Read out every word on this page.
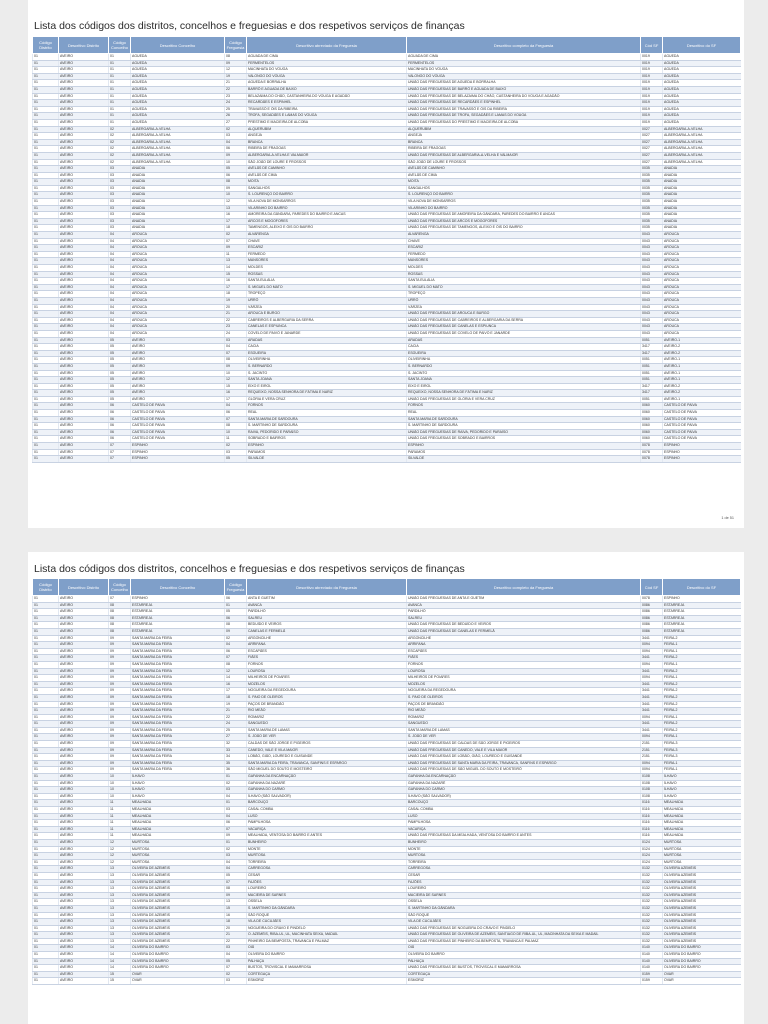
Lista dos códigos dos distritos, concelhos e freguesias e dos respetivos serviços de finanças
Código Distrito	Descritivo Distrito	Código Concelho	Descritivo Concelho	Código Freguesia	Descritivo abreviado da Freguesia	Descritivo completo da Freguesia	Cód SF	Descritivo do SF
01	AVEIRO	01	AGUEDA	08	AGUADA DE CIMA	AGUADA DE CIMA	0019	AGUEDA
01	AVEIRO	01	AGUEDA	09	FERMENTELOS	FERMENTELOS	0019	AGUEDA
01	AVEIRO	01	AGUEDA	12	MACINHATA DO VOUGA	MACINHATA DO VOUGA	0019	AGUEDA
01	AVEIRO	01	AGUEDA	19	VALONGO DO VOUGA	VALONGO DO VOUGA	0019	AGUEDA
01	AVEIRO	01	AGUEDA	21	AGUEDA E BORRALHA	UNIÃO DAS FREGUESIAS DE AGUEDA E BORRALHA	0019	AGUEDA
01	AVEIRO	01	AGUEDA	22	BARRÔ E AGUADA DE BAIXO	UNIÃO DAS FREGUESIAS DE BARRÔ E AGUADA DE BAIXO	0019	AGUEDA
01	AVEIRO	01	AGUEDA	23	BELAZAIMA DO CHÃO, CASTANHEIRA DO VOUGA E AGADÃO	UNIÃO DAS FREGUESIAS DE BELAZAIMA DO CHÃO, CASTANHEIRA DO VOUGA E AGADÃO	0019	AGUEDA
01	AVEIRO	01	AGUEDA	24	RECARDÃES E ESPINHEL	UNIÃO DAS FREGUESIAS DE RECARDÃES E ESPINHEL	0019	AGUEDA
01	AVEIRO	01	AGUEDA	25	TRAVASSÔ E ÓIS DA RIBEIRA	UNIÃO DAS FREGUESIAS DE TRAVASSÔ E ÓIS DA RIBEIRA	0019	AGUEDA
01	AVEIRO	01	AGUEDA	26	TROFA, SEGADÃES E LAMAS DO VOUGA	UNIÃO DAS FREGUESIAS DE TROFA, SEGADÃES E LAMAS DO VOUGA	0019	AGUEDA
01	AVEIRO	01	AGUEDA	27	PRESTIMO E MACIEIRA DE ALCOBA	UNIÃO DAS FREGUESIAS DO PRESTIMO E MACIEIRA DE ALCOBA	0019	AGUEDA
01	AVEIRO	02	ALBERGARIA-A-VELHA	02	ALQUERUBIM	ALQUERUBIM	0027	ALBERGARIA-A-VELHA
01	AVEIRO	02	ALBERGARIA-A-VELHA	03	ANGEJA	ANGEJA	0027	ALBERGARIA-A-VELHA
01	AVEIRO	02	ALBERGARIA-A-VELHA	04	BRANCA	BRANCA	0027	ALBERGARIA-A-VELHA
01	AVEIRO	02	ALBERGARIA-A-VELHA	06	RIBEIRA DE FRAGOAS	RIBEIRA DE FRAGOAS	0027	ALBERGARIA-A-VELHA
01	AVEIRO	02	ALBERGARIA-A-VELHA	09	ALBERGARIA-A-VELHA E VALMAIOR	UNIÃO DAS FREGUESIAS DE ALBERGARIA-A-VELHA E VALMAIOR	0027	ALBERGARIA-A-VELHA
01	AVEIRO	02	ALBERGARIA-A-VELHA	10	SÃO JOÃO DE LOURE E FROSSOS	SÃO JOÃO DE LOURE E FROSSOS	0027	ALBERGARIA-A-VELHA
01	AVEIRO	03	ANADIA	05	AVELÃS DE CAMINHO	AVELÃS DE CAMINHO	0035	ANADIA
01	AVEIRO	03	ANADIA	06	AVELÃS DE CIMA	AVELÃS DE CIMA	0035	ANADIA
01	AVEIRO	03	ANADIA	08	MOITA	MOITA	0035	ANADIA
01	AVEIRO	03	ANADIA	09	SANGALHOS	SANGALHOS	0035	ANADIA
01	AVEIRO	03	ANADIA	10	S. LOURENÇO DO BAIRRO	S. LOURENÇO DO BAIRRO	0035	ANADIA
01	AVEIRO	03	ANADIA	12	VILA NOVA DE MONSARROS	VILA NOVA DE MONSARROS	0035	ANADIA
01	AVEIRO	03	ANADIA	13	VILARINHO DO BAIRRO	VILARINHO DO BAIRRO	0035	ANADIA
01	AVEIRO	03	ANADIA	16	AMOREIRA DA GÂNDARA, PAREDES DO BAIRRO E ANCAS	UNIÃO DAS FREGUESIAS DE AMOREIRA DA GÂNDARA, PAREDES DO BAIRRO E ANCAS	0035	ANADIA
01	AVEIRO	03	ANADIA	17	ARCOS E MOGOFORES	UNIÃO DAS FREGUESIAS DE ARCOS E MOGOFORES	0035	ANADIA
01	AVEIRO	03	ANADIA	18	TAMENGOS, ALEIXO E ÓIS DO BAIRRO	UNIÃO DAS FREGUESIAS DE TAMENGOS, ALEIXO E ÓIS DO BAIRRO	0035	ANADIA
01	AVEIRO	04	AROUCA	02	ALVARENGA	ALVARENGA	0043	AROUCA
01	AVEIRO	04	AROUCA	07	CHAVE	CHAVE	0043	AROUCA
01	AVEIRO	04	AROUCA	09	ESCARIZ	ESCARIZ	0043	AROUCA
01	AVEIRO	04	AROUCA	11	FERMEDO	FERMEDO	0043	AROUCA
01	AVEIRO	04	AROUCA	13	MANSORES	MANSORES	0043	AROUCA
01	AVEIRO	04	AROUCA	14	MOLDES	MOLDES	0043	AROUCA
01	AVEIRO	04	AROUCA	15	ROSSAS	ROSSAS	0043	AROUCA
01	AVEIRO	04	AROUCA	16	SANTA EULÁLIA	SANTA EULÁLIA	0043	AROUCA
01	AVEIRO	04	AROUCA	17	S. MIGUEL DO MATO	S. MIGUEL DO MATO	0043	AROUCA
01	AVEIRO	04	AROUCA	18	TROPEÇO	TROPEÇO	0043	AROUCA
01	AVEIRO	04	AROUCA	19	URRÔ	URRÔ	0043	AROUCA
01	AVEIRO	04	AROUCA	20	VÁRZEA	VÁRZEA	0043	AROUCA
01	AVEIRO	04	AROUCA	21	AROUCA E BURGO	UNIÃO DAS FREGUESIAS DE AROUCA E BURGO	0043	AROUCA
01	AVEIRO	04	AROUCA	22	CABREIROS E ALBERGARIA DA SERRA	UNIÃO DAS FREGUESIAS DE CABREIROS E ALBERGARIA DA SERRA	0043	AROUCA
01	AVEIRO	04	AROUCA	23	CANELAS E ESPIUNCA	UNIÃO DAS FREGUESIAS DE CANELAS E ESPIUNCA	0043	AROUCA
01	AVEIRO	04	AROUCA	24	COVELO DE PAIVÓ E JANARDE	UNIÃO DAS FREGUESIAS DE COVELO DE PAIVÓ E JANARDE	0043	AROUCA
01	AVEIRO	05	AVEIRO	03	ARADAS	ARADAS	0051	AVEIRO-1
01	AVEIRO	05	AVEIRO	04	CACIA	CACIA	3417	AVEIRO-2
01	AVEIRO	05	AVEIRO	07	ESGUEIRA	ESGUEIRA	3417	AVEIRO-2
01	AVEIRO	05	AVEIRO	08	OLIVEIRINHA	OLIVEIRINHA	0051	AVEIRO-1
01	AVEIRO	05	AVEIRO	09	S. BERNARDO	S. BERNARDO	0051	AVEIRO-1
01	AVEIRO	05	AVEIRO	10	S. JACINTO	S. JACINTO	0051	AVEIRO-1
01	AVEIRO	05	AVEIRO	12	SANTA JOANA	SANTA JOANA	0051	AVEIRO-1
01	AVEIRO	05	AVEIRO	15	EIXO E EIROL	EIXO E EIROL	3417	AVEIRO-2
01	AVEIRO	05	AVEIRO	16	REQUEIXO, NOSSA SENHORA DE FÁTIMA E NARIZ	REQUEIXO, NOSSA SENHORA DE FÁTIMA E NARIZ	3417	AVEIRO-2
01	AVEIRO	05	AVEIRO	17	GLÓRIA E VERA CRUZ	UNIÃO DAS FREGUESIAS DE GLÓRIA E VERA CRUZ	0051	AVEIRO-1
01	AVEIRO	06	CASTELO DE PAIVA	04	FORNOS	FORNOS	0060	CASTELO DE PAIVA
01	AVEIRO	06	CASTELO DE PAIVA	06	REAL	REAL	0060	CASTELO DE PAIVA
01	AVEIRO	06	CASTELO DE PAIVA	07	SANTA MARIA DE SARDOURA	SANTA MARIA DE SARDOURA	0060	CASTELO DE PAIVA
01	AVEIRO	06	CASTELO DE PAIVA	08	S. MARTINHO DE SARDOURA	S. MARTINHO DE SARDOURA	0060	CASTELO DE PAIVA
01	AVEIRO	06	CASTELO DE PAIVA	10	RAIVA, PEDORIDO E PARAÍSO	UNIÃO DAS FREGUESIAS DE RAIVA, PEDORIDO E PARAÍSO	0060	CASTELO DE PAIVA
01	AVEIRO	06	CASTELO DE PAIVA	11	SOBRADO E BAIRROS	UNIÃO DAS FREGUESIAS DE SOBRADO E BAIRROS	0060	CASTELO DE PAIVA
01	AVEIRO	07	ESPINHO	02	ESPINHO	ESPINHO	0078	ESPINHO
01	AVEIRO	07	ESPINHO	03	PARAMOS	PARAMOS	0078	ESPINHO
01	AVEIRO	07	ESPINHO	05	SILVALDE	SILVALDE	0078	ESPINHO
1 de 51
Lista dos códigos dos distritos, concelhos e freguesias e dos respetivos serviços de finanças
Código Distrito	Descritivo Distrito	Código Concelho	Descritivo Concelho	Código Freguesia	Descritivo abreviado da Freguesia	Descritivo completo da Freguesia	Cód SF	Descritivo do SF
01	AVEIRO	07	ESPINHO	06	ANTA E GUETIM	UNIÃO DAS FREGUESIAS DE ANTA E GUETIM	0078	ESPINHO
01	AVEIRO	08	ESTARREJA	01	AVANCA	AVANCA	0086	ESTARREJA
01	AVEIRO	08	ESTARREJA	05	PARDILHÓ	PARDILHÓ	0086	ESTARREJA
01	AVEIRO	08	ESTARREJA	06	SALREU	SALREU	0086	ESTARREJA
01	AVEIRO	08	ESTARREJA	08	BEDUÍDO E VEIROS	UNIÃO DAS FREGUESIAS DE BEDUÍDO E VEIROS	0086	ESTARREJA
01	AVEIRO	08	ESTARREJA	09	CANELAS E FERMELÃ	UNIÃO DAS FREGUESIAS DE CANELAS E FERMELÃ	0086	ESTARREJA
01	AVEIRO	09	SANTA MARIA DA FEIRA	02	ARGONCILHE	ARGONCILHE	3441	FEIRA-2
01	AVEIRO	09	SANTA MARIA DA FEIRA	04	ARRIFANA	ARRIFANA	0094	FEIRA-1
01	AVEIRO	09	SANTA MARIA DA FEIRA	06	ESCAPÃES	ESCAPÃES	0094	FEIRA-1
01	AVEIRO	09	SANTA MARIA DA FEIRA	07	FIÃES	FIÃES	3441	FEIRA-2
01	AVEIRO	09	SANTA MARIA DA FEIRA	08	FORNOS	FORNOS	0094	FEIRA-1
01	AVEIRO	09	SANTA MARIA DA FEIRA	12	LOUROSA	LOUROSA	3441	FEIRA-2
01	AVEIRO	09	SANTA MARIA DA FEIRA	14	MILHEIRÓS DE POIARES	MILHEIRÓS DE POIARES	0094	FEIRA-1
01	AVEIRO	09	SANTA MARIA DA FEIRA	16	MOZELOS	MOZELOS	3441	FEIRA-2
01	AVEIRO	09	SANTA MARIA DA FEIRA	17	NOGUEIRA DA REGEDOURA	NOGUEIRA DA REGEDOURA	3441	FEIRA-2
01	AVEIRO	09	SANTA MARIA DA FEIRA	18	S. PAIO DE OLEIROS	S. PAIO DE OLEIROS	3441	FEIRA-2
01	AVEIRO	09	SANTA MARIA DA FEIRA	19	PAÇOS DE BRANDÃO	PAÇOS DE BRANDÃO	3441	FEIRA-2
01	AVEIRO	09	SANTA MARIA DA FEIRA	21	RIO MEÃO	RIO MEÃO	3441	FEIRA-2
01	AVEIRO	09	SANTA MARIA DA FEIRA	22	ROMARIZ	ROMARIZ	0094	FEIRA-1
01	AVEIRO	09	SANTA MARIA DA FEIRA	24	SANGUEDO	SANGUEDO	3441	FEIRA-2
01	AVEIRO	09	SANTA MARIA DA FEIRA	25	SANTA MARIA DE LAMAS	SANTA MARIA DE LAMAS	3441	FEIRA-2
01	AVEIRO	09	SANTA MARIA DA FEIRA	27	S. JOÃO DE VER	S. JOÃO DE VER	0094	FEIRA-1
01	AVEIRO	09	SANTA MARIA DA FEIRA	32	CALDAS DE SÃO JORGE E PIGEIROS	UNIÃO DAS FREGUESIAS DE CALDAS DE SÃO JORGE E PIGEIROS	2151	FEIRA-3
01	AVEIRO	09	SANTA MARIA DA FEIRA	33	CANEDO, VALE E VILA MAIOR	UNIÃO DAS FREGUESIAS DE CANEDO, VALE E VILA MAIOR	2151	FEIRA-3
01	AVEIRO	09	SANTA MARIA DA FEIRA	34	LOBÃO, GIÃO, LOUREDO E GUISANDE	UNIÃO DAS FREGUESIAS DE LOBÃO, GIÃO, LOUREDO E GUISANDE	2151	FEIRA-3
01	AVEIRO	09	SANTA MARIA DA FEIRA	35	SANTA MARIA DA FEIRA, TRAVANCA, SANFINS E ESPARGO	UNIÃO DAS FREGUESIAS DE SANTA MARIA DA FEIRA, TRAVANCA, SANFINS E ESPARGO	0094	FEIRA-1
01	AVEIRO	09	SANTA MARIA DA FEIRA	36	SÃO MIGUEL DO SOUTO E MOSTEIRÔ	UNIÃO DAS FREGUESIAS DE SÃO MIGUEL DO SOUTO E MOSTEIRÔ	0094	FEIRA-1
01	AVEIRO	10	ÍLHAVO	01	GAFANHA DA ENCARNAÇÃO	GAFANHA DA ENCARNAÇÃO	0108	ÍLHAVO
01	AVEIRO	10	ÍLHAVO	02	GAFANHA DA NAZARÉ	GAFANHA DA NAZARÉ	0108	ÍLHAVO
01	AVEIRO	10	ÍLHAVO	03	GAFANHA DO CARMO	GAFANHA DO CARMO	0108	ÍLHAVO
01	AVEIRO	10	ÍLHAVO	04	ÍLHAVO (SÃO SALVADOR)	ÍLHAVO (SÃO SALVADOR)	0108	ÍLHAVO
01	AVEIRO	11	MEALHADA	01	BARCOUÇO	BARCOUÇO	0116	MEALHADA
01	AVEIRO	11	MEALHADA	03	CASAL COMBA	CASAL COMBA	0116	MEALHADA
01	AVEIRO	11	MEALHADA	04	LUSO	LUSO	0116	MEALHADA
01	AVEIRO	11	MEALHADA	06	PAMPILHOSA	PAMPILHOSA	0116	MEALHADA
01	AVEIRO	11	MEALHADA	07	VACARIÇA	VACARIÇA	0116	MEALHADA
01	AVEIRO	11	MEALHADA	09	MEALHADA, VENTOSA DO BAIRRO E ANTES	UNIÃO DAS FREGUESIAS DA MEALHADA, VENTOSA DO BAIRRO E ANTES	0116	MEALHADA
01	AVEIRO	12	MURTOSA	01	BUNHEIRO	BUNHEIRO	0124	MURTOSA
01	AVEIRO	12	MURTOSA	02	MONTE	MONTE	0124	MURTOSA
01	AVEIRO	12	MURTOSA	03	MURTOSA	MURTOSA	0124	MURTOSA
01	AVEIRO	12	MURTOSA	04	TORREIRA	TORREIRA	0124	MURTOSA
01	AVEIRO	13	OLIVEIRA DE AZEMÉIS	04	CARREGOSA	CARREGOSA	0132	OLIVEIRA AZEMÉIS
01	AVEIRO	13	OLIVEIRA DE AZEMÉIS	05	CESAR	CESAR	0132	OLIVEIRA AZEMÉIS
01	AVEIRO	13	OLIVEIRA DE AZEMÉIS	07	FAJÕES	FAJÕES	0132	OLIVEIRA AZEMÉIS
01	AVEIRO	13	OLIVEIRA DE AZEMÉIS	08	LOUREIRO	LOUREIRO	0132	OLIVEIRA AZEMÉIS
01	AVEIRO	13	OLIVEIRA DE AZEMÉIS	09	MACIEIRA DE SARNES	MACIEIRA DE SARNES	0132	OLIVEIRA AZEMÉIS
01	AVEIRO	13	OLIVEIRA DE AZEMÉIS	13	OSSELA	OSSELA	0132	OLIVEIRA AZEMÉIS
01	AVEIRO	13	OLIVEIRA DE AZEMÉIS	15	S. MARTINHO DA GÂNDARA	S. MARTINHO DA GÂNDARA	0132	OLIVEIRA AZEMÉIS
01	AVEIRO	13	OLIVEIRA DE AZEMÉIS	16	SÃO ROQUE	SÃO ROQUE	0132	OLIVEIRA AZEMÉIS
01	AVEIRO	13	OLIVEIRA DE AZEMÉIS	18	VILA DE CUCUJÃES	VILA DE CUCUJÃES	0132	OLIVEIRA AZEMÉIS
01	AVEIRO	13	OLIVEIRA DE AZEMÉIS	20	NOGUEIRA DO CRAVO E PINDELO	UNIÃO DAS FREGUESIAS DE NOGUEIRA DO CRAVO E PINDELO	0132	OLIVEIRA AZEMÉIS
01	AVEIRO	13	OLIVEIRA DE AZEMÉIS	21	O. AZEMÉIS, RIBA-UL, UL, MACINHATA SEIXA, MADAÍL	UNIÃO DAS FREGUESIAS DE OLIVEIRA DE AZEMÉIS, SANTIAGO DE RIBA-UL, UL, MACINHATA DA SEIXA E MADAÍL	0132	OLIVEIRA AZEMÉIS
01	AVEIRO	13	OLIVEIRA DE AZEMÉIS	22	PINHEIRO DA BEMPOSTA, TRAVANCA E PALMAZ	UNIÃO DAS FREGUESIAS DE PINHEIRO DA BEMPOSTA, TRAVANCA E PALMAZ	0132	OLIVEIRA AZEMÉIS
01	AVEIRO	14	OLIVEIRA DO BAIRRO	03	OIÃ	OIÃ	0140	OLIVEIRA DO BAIRRO
01	AVEIRO	14	OLIVEIRA DO BAIRRO	04	OLIVEIRA DO BAIRRO	OLIVEIRA DO BAIRRO	0140	OLIVEIRA DO BAIRRO
01	AVEIRO	14	OLIVEIRA DO BAIRRO	05	PALHAÇA	PALHAÇA	0140	OLIVEIRA DO BAIRRO
01	AVEIRO	14	OLIVEIRA DO BAIRRO	07	BUSTOS, TROVISCAL E MAMARROSA	UNIÃO DAS FREGUESIAS DE BUSTOS, TROVISCAL E MAMARROSA	0140	OLIVEIRA DO BAIRRO
01	AVEIRO	15	OVAR	02	CORTEGAÇA	CORTEGAÇA	0159	OVAR
01	AVEIRO	15	OVAR	03	ESMORIZ	ESMORIZ	0159	OVAR
